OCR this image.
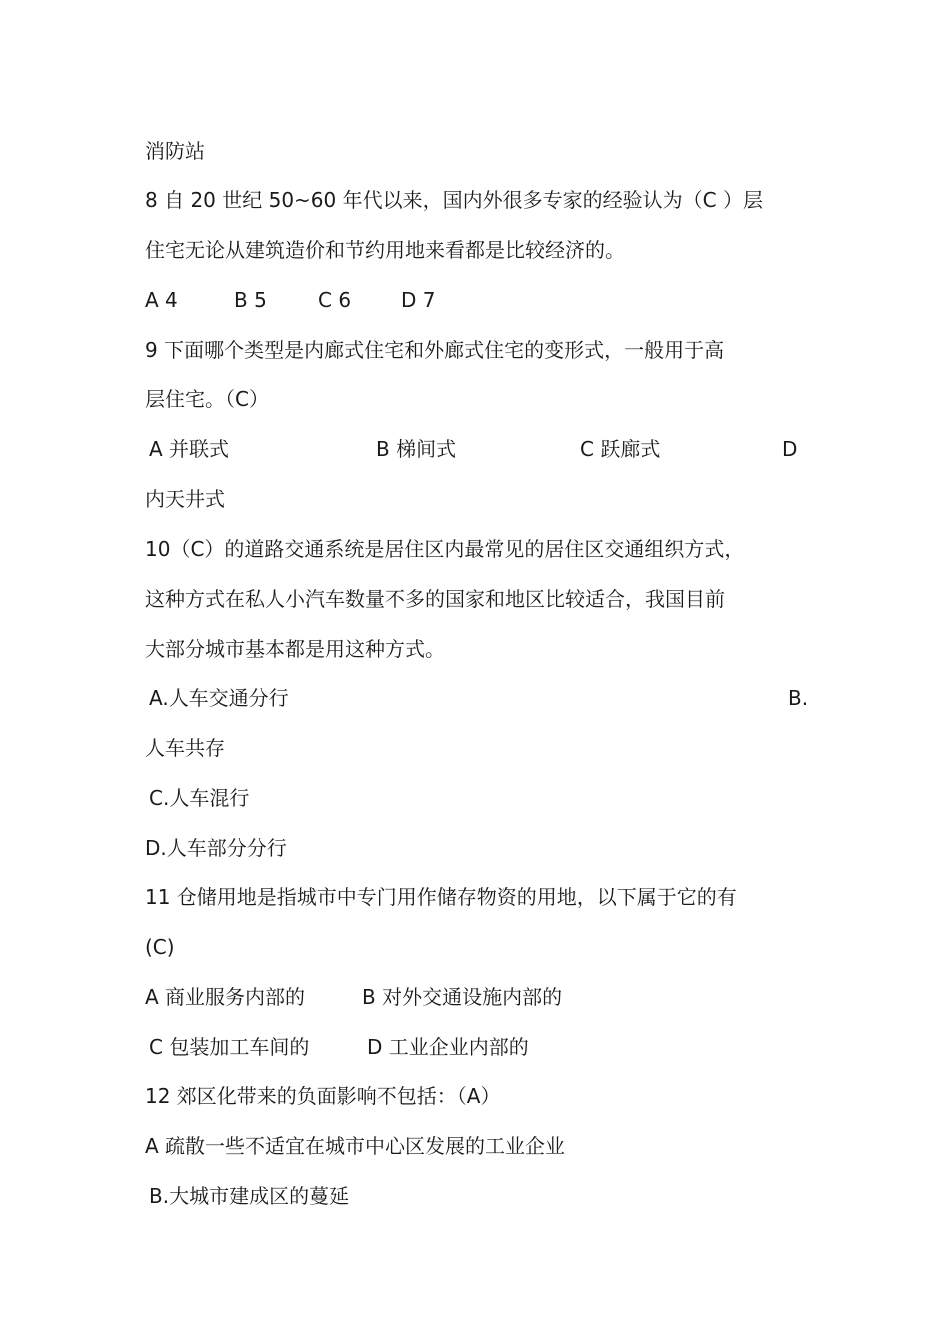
消防站
8 自 20 世纪 50~60 年代以来，国内外很多专家的经验认为（C ）层
住宅无论从建筑造价和节约用地来看都是比较经济的。
A 4	B 5	C 6 D 7
9 下面哪个类型是内廊式住宅和外廊式住宅的变形式，一般用于高
层住宅。（C）
A 并联式	B 梯间式	C 跃廊式	D
内天井式
10（C）的道路交通系统是居住区内最常见的居住区交通组织方式，
这种方式在私人小汽车数量不多的国家和地区比较适合，我国目前
大部分城市基本都是用这种方式。
A.人车交通分行	B.
人车共存
C.人车混行
D.人车部分分行
11 仓储用地是指城市中专门用作储存物资的用地，以下属于它的有
(C)
A 商业服务内部的	B 对外交通设施内部的
C 包装加工车间的	D 工业企业内部的
12 郊区化带来的负面影响不包括：（A）
A 疏散一些不适宜在城市中心区发展的工业企业
B.大城市建成区的蔓延
